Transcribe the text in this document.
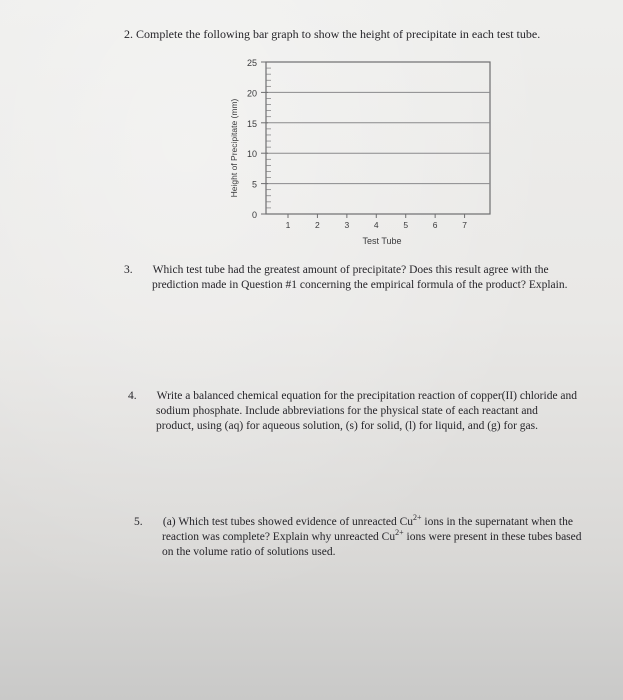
2. Complete the following bar graph to show the height of precipitate in each test tube.

0
5
10
15
20
25
1	2	3	4	5	6	7
Test Tube
Height of Precipitate (mm)

3. Which test tube had the greatest amount of precipitate? Does this result agree with the prediction made in Question #1 concerning the empirical formula of the product? Explain.

4. Write a balanced chemical equation for the precipitation reaction of copper(II) chloride and sodium phosphate. Include abbreviations for the physical state of each reactant and product, using (aq) for aqueous solution, (s) for solid, (l) for liquid, and (g) for gas.

5. (a) Which test tubes showed evidence of unreacted $Cu^{2+}$ ions in the supernatant when the reaction was complete? Explain why unreacted $Cu^{2+}$ ions were present in these tubes based on the volume ratio of solutions used.
